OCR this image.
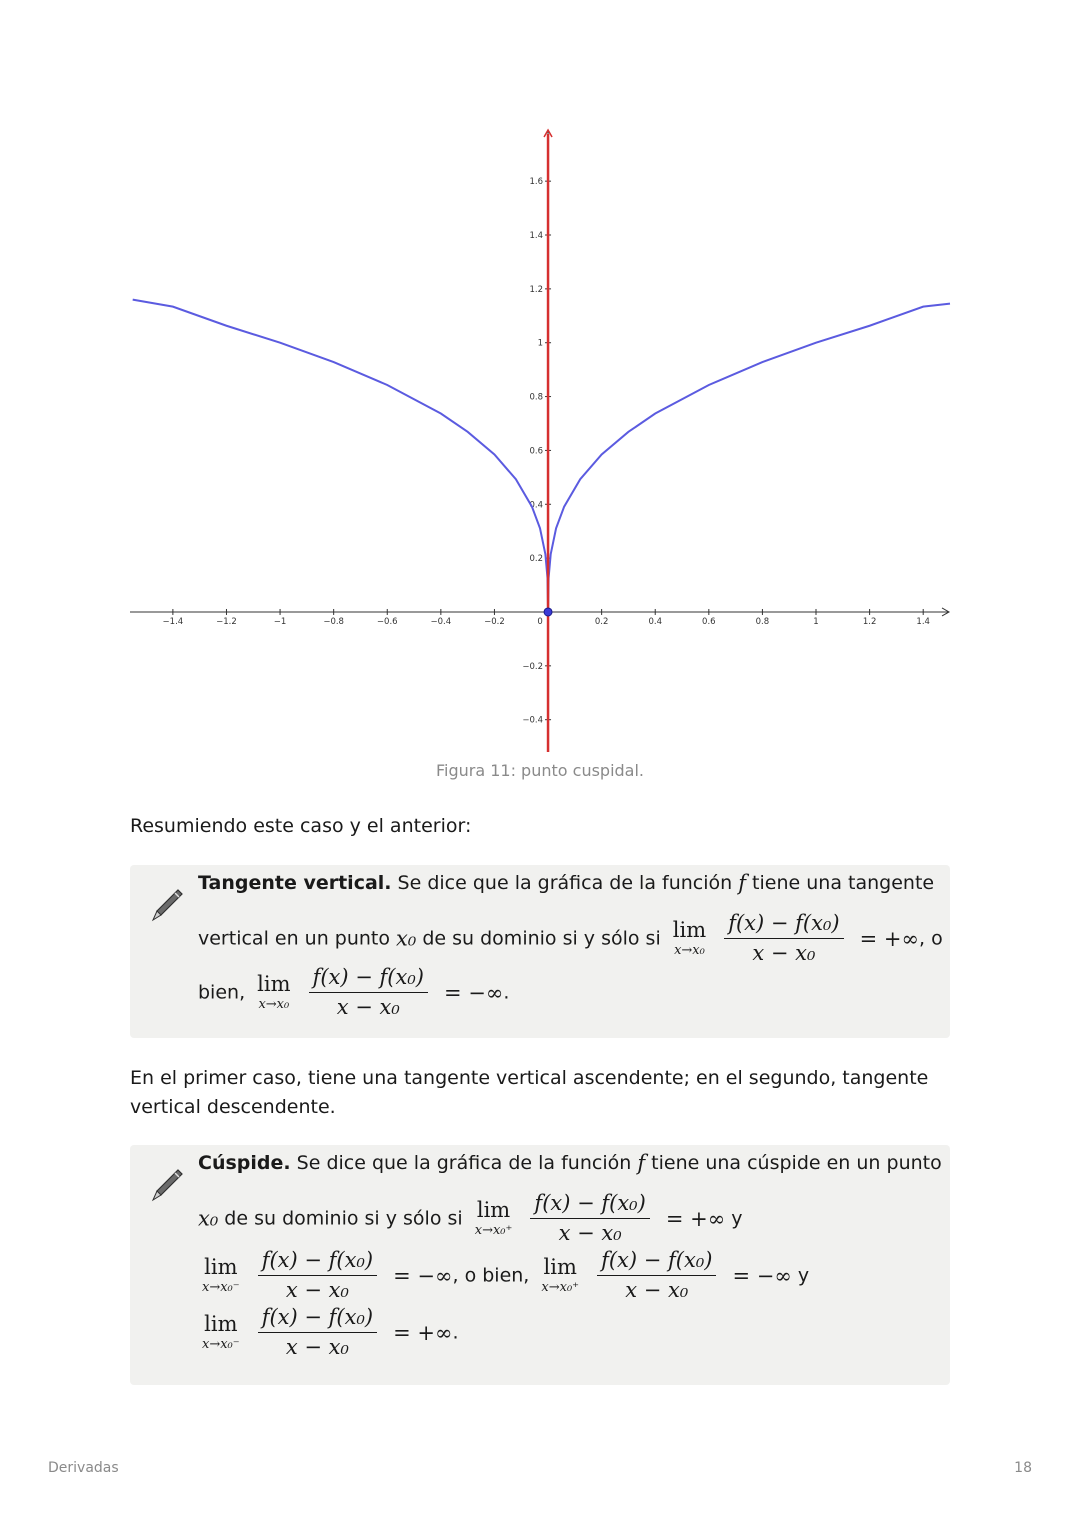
−1.4	−1.2	−1	−0.8	−0.6	−0.4	−0.2	0	0.2	0.4	0.6	0.8	1	1.2	1.4
−0.4
−0.2
0.2
0.4
0.6
0.8
1
1.2
1.4
1.6
Figura 11: punto cuspidal.
Resumiendo este caso y el anterior:
Tangente vertical. Se dice que la gráfica de la función f tiene una tangente
vertical en un punto x₀ de su dominio si y sólo si lim
x→x₀
$\frac{\text{f(x) − f(x₀)}}{\text{x − x₀}}$ = +∞, o
bien, lim
x→x₀
$\frac{\text{f(x) − f(x₀)}}{\text{x − x₀}}$ = −∞.
En el primer caso, tiene una tangente vertical ascendente; en el segundo, tangente vertical descendente.
Cúspide. Se dice que la gráfica de la función f tiene una cúspide en un punto
x₀ de su dominio si y sólo si lim
x→x₀⁺
$\frac{\text{f(x) − f(x₀)}}{\text{x − x₀}}$ = +∞ y
lim
x→x₀⁻
$\frac{\text{f(x) − f(x₀)}}{\text{x − x₀}}$ = −∞, o bien, lim
x→x₀⁺
$\frac{\text{f(x) − f(x₀)}}{\text{x − x₀}}$ = −∞ y
lim
x→x₀⁻
$\frac{\text{f(x) − f(x₀)}}{\text{x − x₀}}$ = +∞.
Derivadas	18
